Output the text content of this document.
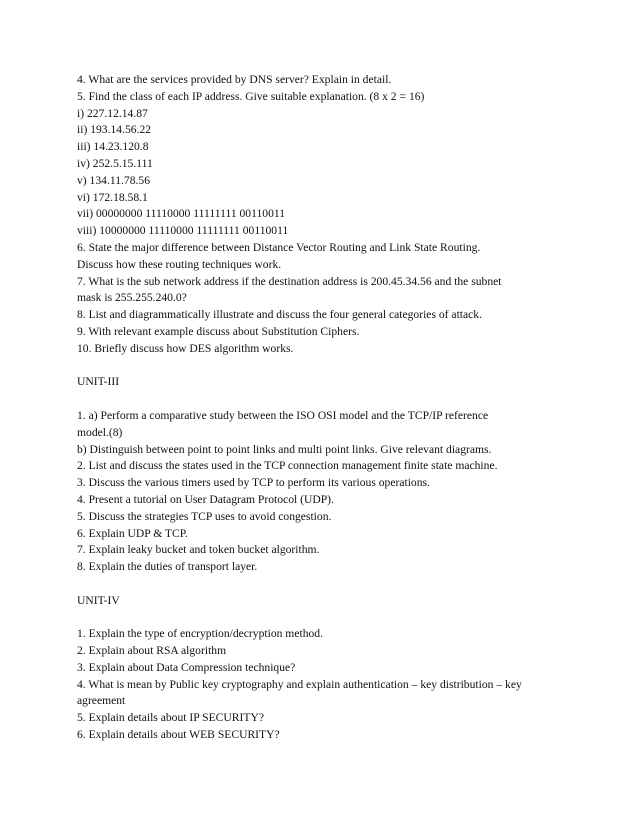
4. What are the services provided by DNS server? Explain in detail.
5. Find the class of each IP address. Give suitable explanation. (8 x 2 = 16)
i) 227.12.14.87
ii) 193.14.56.22
iii) 14.23.120.8
iv) 252.5.15.111
v) 134.11.78.56
vi) 172.18.58.1
vii) 00000000 11110000 11111111 00110011
viii) 10000000 11110000 11111111 00110011
6. State the major difference between Distance Vector Routing and Link State Routing.
Discuss how these routing techniques work.
7. What is the sub network address if the destination address is 200.45.34.56 and the subnet
mask is 255.255.240.0?
8. List and diagrammatically illustrate and discuss the four general categories of attack.
9. With relevant example discuss about Substitution Ciphers.
10. Briefly discuss how DES algorithm works.
UNIT-III
1. a) Perform a comparative study between the ISO OSI model and the TCP/IP reference
model.(8)
b) Distinguish between point to point links and multi point links. Give relevant diagrams.
2. List and discuss the states used in the TCP connection management finite state machine.
3. Discuss the various timers used by TCP to perform its various operations.
4. Present a tutorial on User Datagram Protocol (UDP).
5. Discuss the strategies TCP uses to avoid congestion.
6. Explain UDP & TCP.
7. Explain leaky bucket and token bucket algorithm.
8. Explain the duties of transport layer.
UNIT-IV
1. Explain the type of encryption/decryption method.
2. Explain about RSA algorithm
3. Explain about Data Compression technique?
4. What is mean by Public key cryptography and explain authentication – key distribution – key
agreement
5. Explain details about IP SECURITY?
6. Explain details about WEB SECURITY?
